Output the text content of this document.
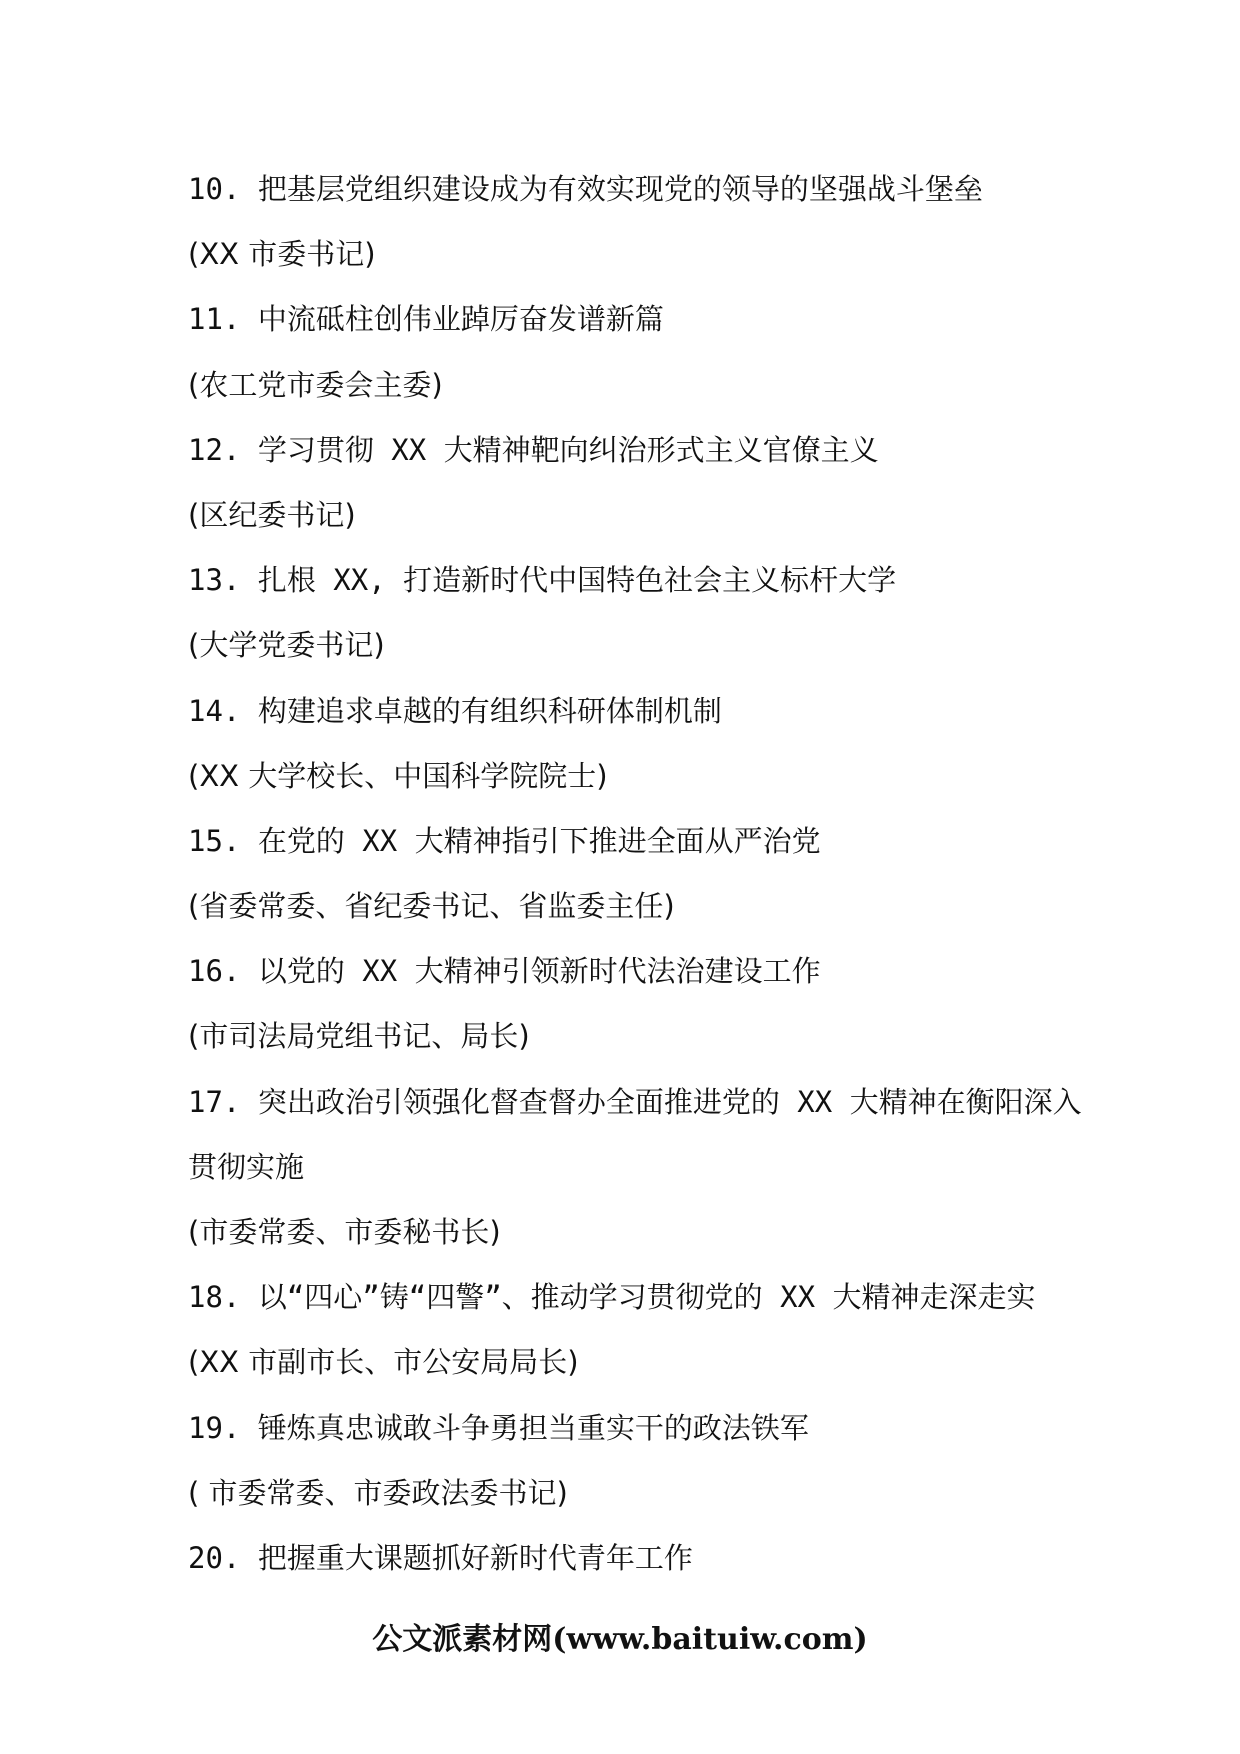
10. 把基层党组织建设成为有效实现党的领导的坚强战斗堡垒
(XX 市委书记)
11. 中流砥柱创伟业踔厉奋发谱新篇
(农工党市委会主委)
12. 学习贯彻 XX 大精神靶向纠治形式主义官僚主义
(区纪委书记)
13. 扎根 XX, 打造新时代中国特色社会主义标杆大学
(大学党委书记)
14. 构建追求卓越的有组织科研体制机制
(XX 大学校长、中国科学院院士)
15. 在党的 XX 大精神指引下推进全面从严治党
(省委常委、省纪委书记、省监委主任)
16. 以党的 XX 大精神引领新时代法治建设工作
(市司法局党组书记、局长)
17. 突出政治引领强化督查督办全面推进党的 XX 大精神在衡阳深入
贯彻实施
(市委常委、市委秘书长)
18. 以“四心”铸“四警”、推动学习贯彻党的 XX 大精神走深走实
(XX 市副市长、市公安局局长)
19. 锤炼真忠诚敢斗争勇担当重实干的政法铁军
( 市委常委、市委政法委书记)
20. 把握重大课题抓好新时代青年工作
公文派素材网(www.baituiw.com)
